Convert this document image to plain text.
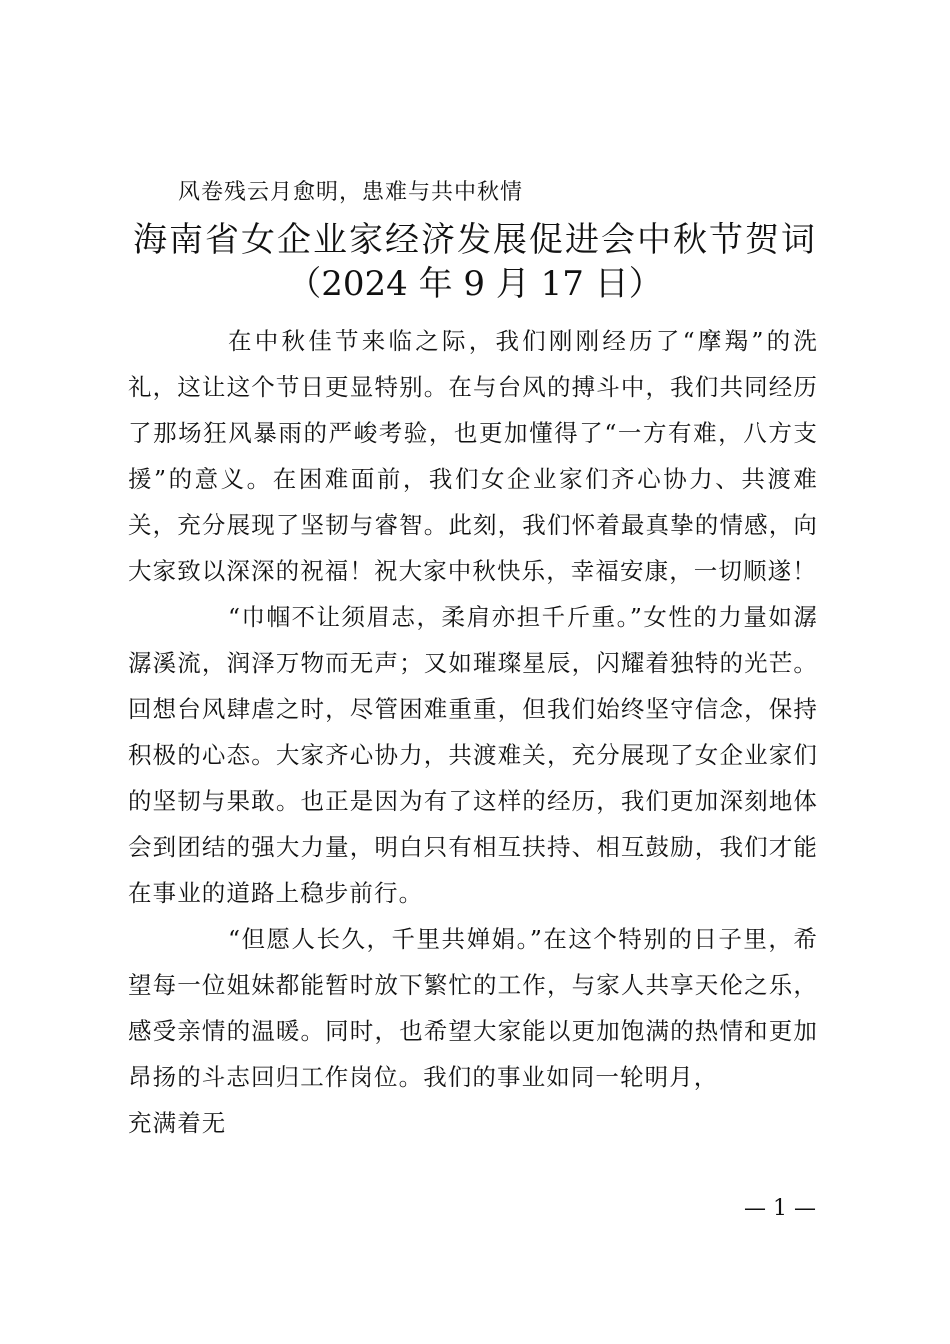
风卷残云月愈明，患难与共中秋情
海南省女企业家经济发展促进会中秋节贺词
（2024 年 9 月 17 日）

在中秋佳节来临之际，我们刚刚经历了“摩羯”的洗礼，这让这个节日更显特别。在与台风的搏斗中，我们共同经历了那场狂风暴雨的严峻考验，也更加懂得了“一方有难，八方支援”的意义。在困难面前，我们女企业家们齐心协力、共渡难关，充分展现了坚韧与睿智。此刻，我们怀着最真挚的情感，向大家致以深深的祝福！祝大家中秋快乐，幸福安康，一切顺遂！

“巾帼不让须眉志，柔肩亦担千斤重。”女性的力量如潺潺溪流，润泽万物而无声；又如璀璨星辰，闪耀着独特的光芒。回想台风肆虐之时，尽管困难重重，但我们始终坚守信念，保持积极的心态。大家齐心协力，共渡难关，充分展现了女企业家们的坚韧与果敢。也正是因为有了这样的经历，我们更加深刻地体会到团结的强大力量，明白只有相互扶持、相互鼓励，我们才能在事业的道路上稳步前行。

“但愿人长久，千里共婵娟。”在这个特别的日子里，希望每一位姐妹都能暂时放下繁忙的工作，与家人共享天伦之乐，感受亲情的温暖。同时，也希望大家能以更加饱满的热情和更加昂扬的斗志回归工作岗位。我们的事业如同一轮明月，

充满着无

— 1 —
